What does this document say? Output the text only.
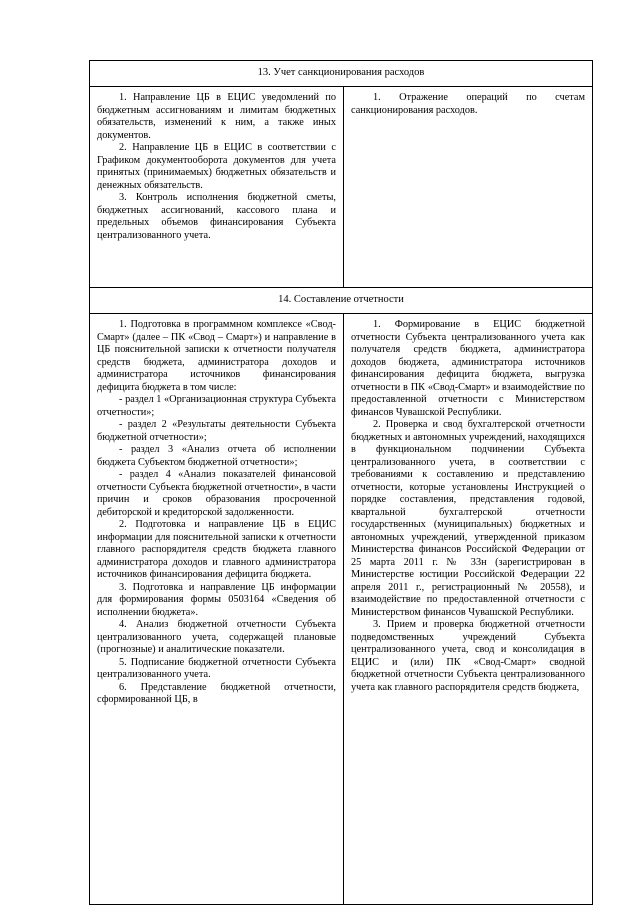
13. Учет санкционирования расходов

1. Направление ЦБ в ЕЦИС уведомлений по бюджетным ассигнованиям и лимитам бюджетных обязательств, изменений к ним, а также иных документов.

2. Направление ЦБ в ЕЦИС в соответствии с Графиком документооборота документов для учета принятых (принимаемых) бюджетных обязательств и денежных обязательств.

3. Контроль исполнения бюджетной сметы, бюджетных ассигнований, кассового плана и предельных объемов финансирования Субъекта централизованного учета.

1. Отражение операций по счетам санкционирования расходов.

14. Составление отчетности

1. Подготовка в программном комплексе «Свод-Смарт» (далее – ПК «Свод – Смарт») и направление в ЦБ пояснительной записки к отчетности получателя средств бюджета, администратора доходов и администратора источников финансирования дефицита бюджета в том числе:

- раздел 1 «Организационная структура Субъекта отчетности»;

- раздел 2 «Результаты деятельности Субъекта бюджетной отчетности»;

- раздел 3 «Анализ отчета об исполнении бюджета Субъектом бюджетной отчетности»;

- раздел 4 «Анализ показателей финансовой отчетности Субъекта бюджетной отчетности», в части причин и сроков образования просроченной дебиторской и кредиторской задолженности.

2. Подготовка и направление ЦБ в ЕЦИС информации для пояснительной записки к отчетности главного распорядителя средств бюджета главного администратора доходов и главного администратора источников финансирования дефицита бюджета.

3. Подготовка и направление ЦБ информации для формирования формы 0503164 «Сведения об исполнении бюджета».

4. Анализ бюджетной отчетности Субъекта централизованного учета, содержащей плановые (прогнозные) и аналитические показатели.

5. Подписание бюджетной отчетности Субъекта централизованного учета.

6. Представление бюджетной отчетности, сформированной ЦБ, в

1. Формирование в ЕЦИС бюджетной отчетности Субъекта централизованного учета как получателя средств бюджета, администратора доходов бюджета, администратора источников финансирования дефицита бюджета, выгрузка отчетности в ПК «Свод-Смарт» и взаимодействие по предоставленной отчетности с Министерством финансов Чувашской Республики.

2. Проверка и свод бухгалтерской отчетности бюджетных и автономных учреждений, находящихся в функциональном подчинении Субъекта централизованного учета, в соответствии с требованиями к составлению и представлению отчетности, которые установлены Инструкцией о порядке составления, представления годовой, квартальной бухгалтерской отчетности государственных (муниципальных) бюджетных и автономных учреждений, утвержденной приказом Министерства финансов Российской Федерации от 25 марта 2011 г. № 33н (зарегистрирован в Министерстве юстиции Российской Федерации 22 апреля 2011 г., регистрационный № 20558), и взаимодействие по предоставленной отчетности с Министерством финансов Чувашской Республики.

3. Прием и проверка бюджетной отчетности подведомственных учреждений Субъекта централизованного учета, свод и консолидация в ЕЦИС и (или) ПК «Свод-Смарт» сводной бюджетной отчетности Субъекта централизованного учета как главного распорядителя средств бюджета,
